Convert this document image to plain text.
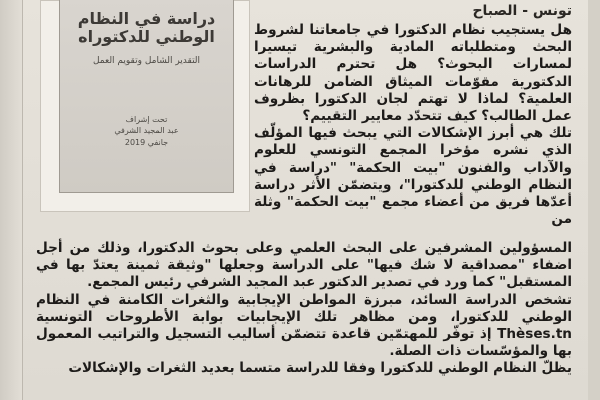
تونس - الصباح
دراسة في النظام
الوطني للدكتوراه
التقدير الشامل وتقويم العمل
تحت إشراف
عبد المجيد الشرفي
جانفي 2019

هل يستجيب نظام الدكتورا في جامعاتنا لشروط البحث ومتطلباته المادية والبشرية تيسيرا لمسارات البحوث؟ هل تحترم الدراسات الدكتورية مقوّمات الميثاق الضامن للرهانات العلمية؟ لماذا لا تهتم لجان الدكتورا بظروف عمل الطالب؟ كيف تتحدّد معايير التقييم؟

تلك هي أبرز الإشكالات التي يبحث فيها المؤلّف الذي نشره مؤخرا المجمع التونسي للعلوم والآداب والفنون "بيت الحكمة" "دراسة في النظام الوطني للدكتورا"، ويتضمّن الأثر دراسة أعدّها فريق من أعضاء مجمع "بيت الحكمة" وثلة من

المسؤولين المشرفين على البحث العلمي وعلى بحوث الدكتورا، وذلك من أجل اضفاء "مصداقية لا شك فيها" على الدراسة وجعلها "وثيقة ثمينة يعتدّ بها في المستقبل" كما ورد في تصدير الدكتور عبد المجيد الشرفي رئيس المجمع.

تشخص الدراسة السائد، مبرزة المواطن الإيجابية والثغرات الكامنة في النظام الوطني للدكتورا، ومن مظاهر تلك الإيجابيات بوابة الأطروحات التونسية Thèses.tn إذ توفّر للمهتمّين قاعدة تتضمّن أساليب التسجيل والتراتيب المعمول بها والمؤسّسات ذات الصلة.

يظلّ النظام الوطني للدكتورا وفقا للدراسة متسما بعديد الثغرات والإشكالات
